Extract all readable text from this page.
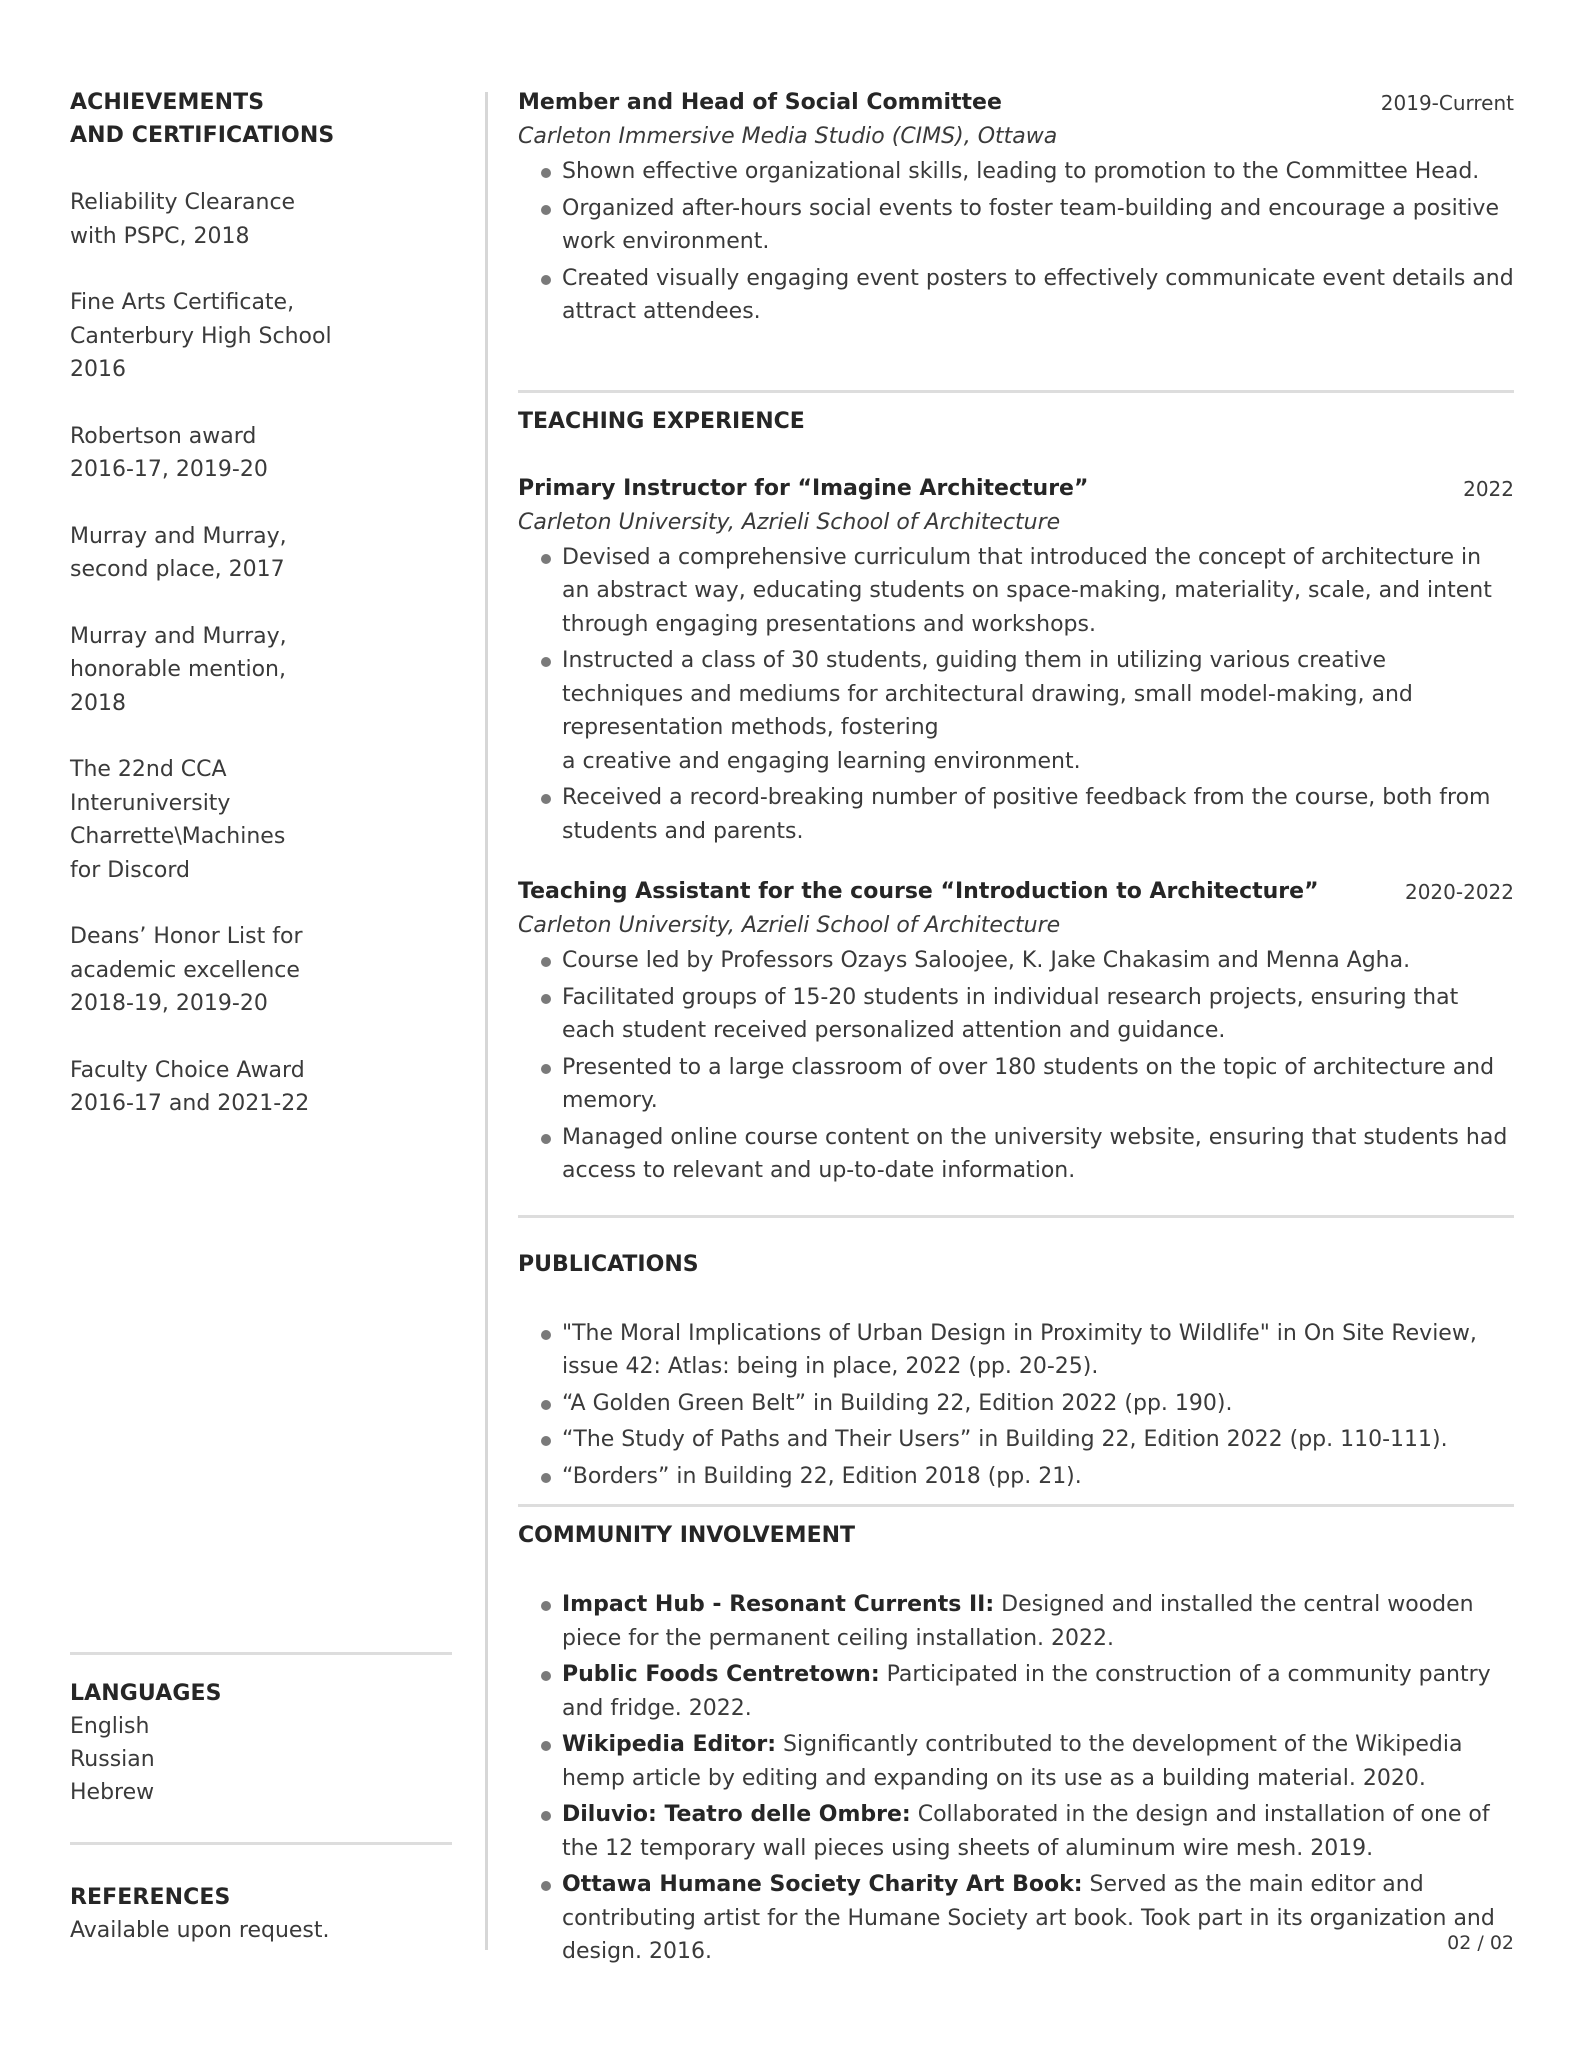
ACHIEVEMENTS
AND CERTIFICATIONS
Reliability Clearance
with PSPC, 2018
Fine Arts Certificate,
Canterbury High School
2016
Robertson award
2016-17, 2019-20
Murray and Murray,
second place, 2017
Murray and Murray,
honorable mention,
2018
The 22nd CCA
Interuniversity
Charrette\Machines
for Discord
Deans’ Honor List for
academic excellence
2018-19, 2019-20
Faculty Choice Award
2016-17 and 2021-22
LANGUAGES
English
Russian
Hebrew
REFERENCES
Available upon request.
Member and Head of Social Committee	2019-Current
Carleton Immersive Media Studio (CIMS), Ottawa
Shown effective organizational skills, leading to promotion to the Committee Head.
Organized after-hours social events to foster team-building and encourage a positive work environment.
Created visually engaging event posters to effectively communicate event details and attract attendees.
TEACHING EXPERIENCE
Primary Instructor for “Imagine Architecture”	2022
Carleton University, Azrieli School of Architecture
Devised a comprehensive curriculum that introduced the concept of architecture in an abstract way, educating students on space-making, materiality, scale, and intent through engaging presentations and workshops.
Instructed a class of 30 students, guiding them in utilizing various creative techniques and mediums for architectural drawing, small model-making, and representation methods, fostering
a creative and engaging learning environment.
Received a record-breaking number of positive feedback from the course, both from students and parents.
Teaching Assistant for the course “Introduction to Architecture”	2020-2022
Carleton University, Azrieli School of Architecture
Course led by Professors Ozays Saloojee, K. Jake Chakasim and Menna Agha.
Facilitated groups of 15-20 students in individual research projects, ensuring that each student received personalized attention and guidance.
Presented to a large classroom of over 180 students on the topic of architecture and memory.
Managed online course content on the university website, ensuring that students had access to relevant and up-to-date information.
PUBLICATIONS
"The Moral Implications of Urban Design in Proximity to Wildlife" in On Site Review, issue 42: Atlas: being in place, 2022 (pp. 20-25).
“A Golden Green Belt” in Building 22, Edition 2022 (pp. 190).
“The Study of Paths and Their Users” in Building 22, Edition 2022 (pp. 110-111).
“Borders” in Building 22, Edition 2018 (pp. 21).
COMMUNITY INVOLVEMENT
Impact Hub - Resonant Currents II: Designed and installed the central wooden piece for the permanent ceiling installation. 2022.
Public Foods Centretown: Participated in the construction of a community pantry and fridge. 2022.
Wikipedia Editor: Significantly contributed to the development of the Wikipedia hemp article by editing and expanding on its use as a building material. 2020.
Diluvio: Teatro delle Ombre: Collaborated in the design and installation of one of the 12 temporary wall pieces using sheets of aluminum wire mesh. 2019.
Ottawa Humane Society Charity Art Book: Served as the main editor and contributing artist for the Humane Society art book. Took part in its organization and design. 2016.	02 / 02
